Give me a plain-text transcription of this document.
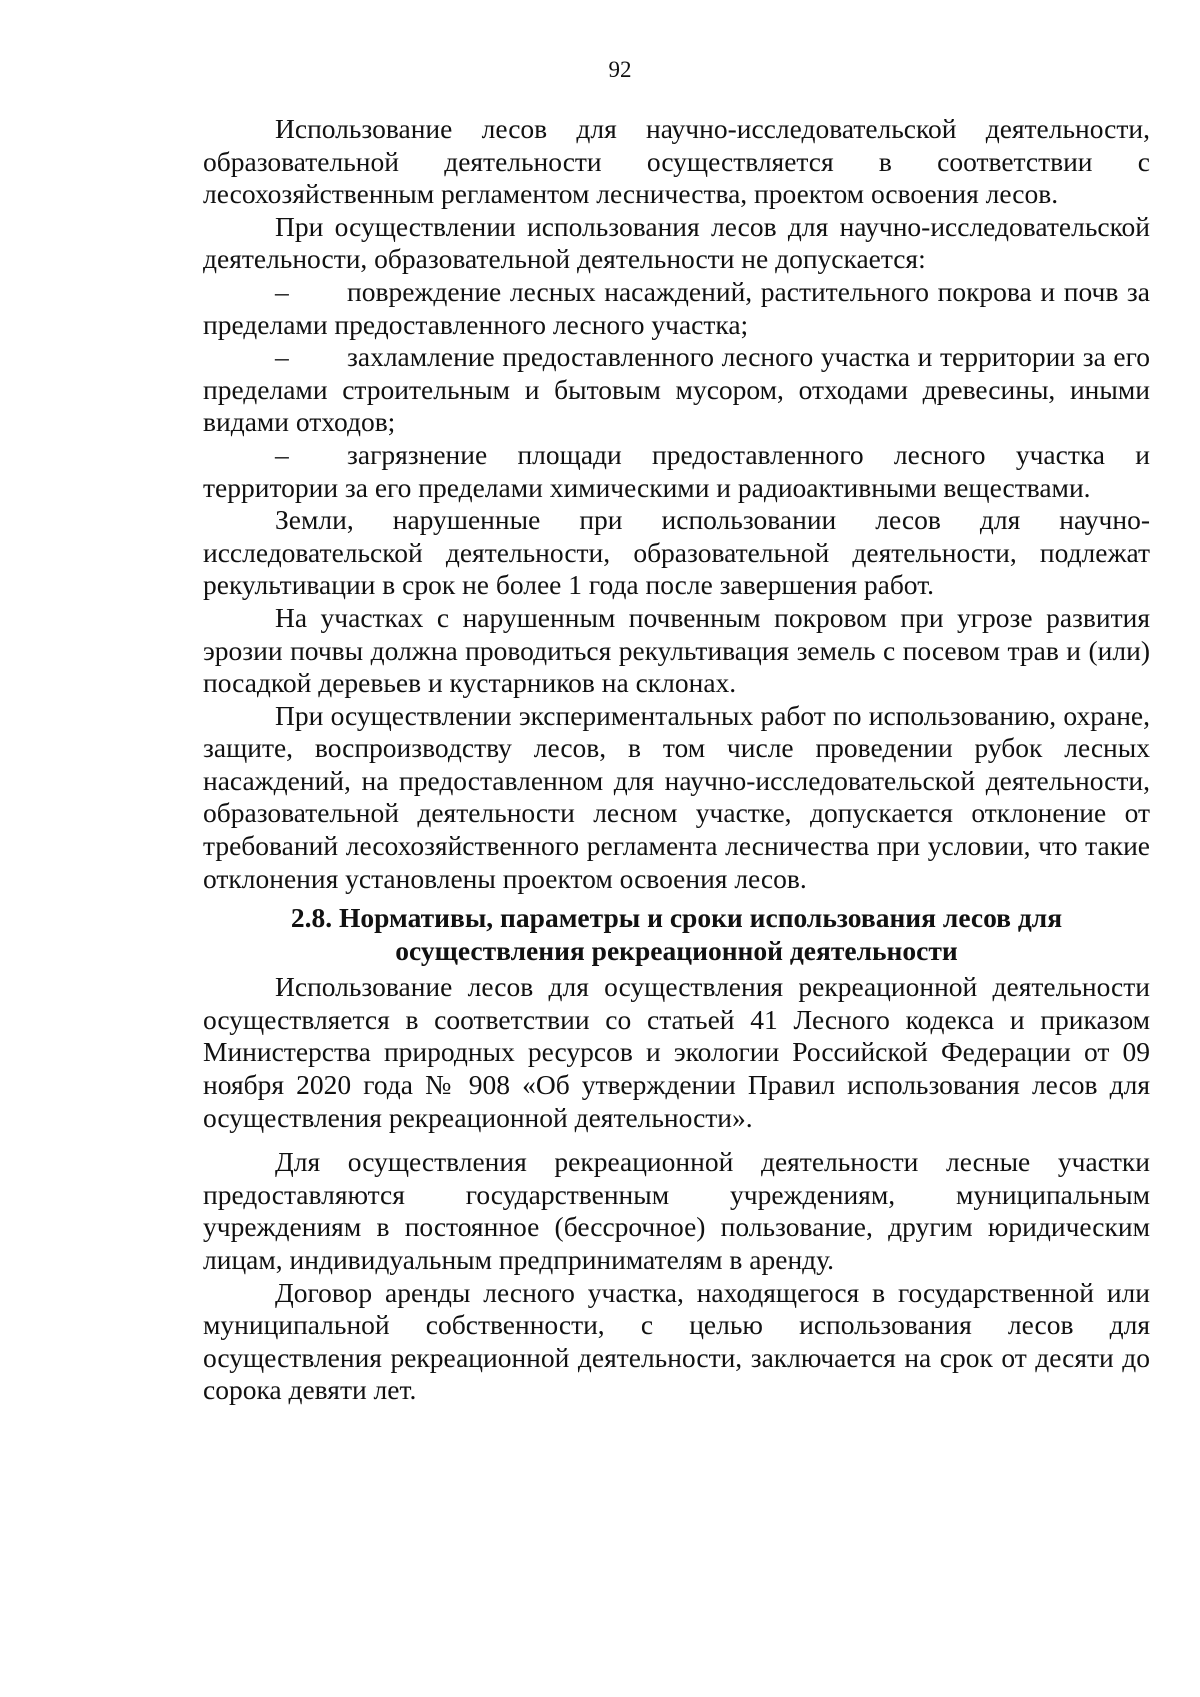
92

Использование лесов для научно-исследовательской деятельности, образовательной деятельности осуществляется в соответствии с лесохозяйственным регламентом лесничества, проектом освоения лесов.

При осуществлении использования лесов для научно-исследовательской деятельности, образовательной деятельности не допускается:

– повреждение лесных насаждений, растительного покрова и почв за пределами предоставленного лесного участка;

– захламление предоставленного лесного участка и территории за его пределами строительным и бытовым мусором, отходами древесины, иными видами отходов;

– загрязнение площади предоставленного лесного участка и территории за его пределами химическими и радиоактивными веществами.

Земли, нарушенные при использовании лесов для научно-исследовательской деятельности, образовательной деятельности, подлежат рекультивации в срок не более 1 года после завершения работ.

На участках с нарушенным почвенным покровом при угрозе развития эрозии почвы должна проводиться рекультивация земель с посевом трав и (или) посадкой деревьев и кустарников на склонах.

При осуществлении экспериментальных работ по использованию, охране, защите, воспроизводству лесов, в том числе проведении рубок лесных насаждений, на предоставленном для научно-исследовательской деятельности, образовательной деятельности лесном участке, допускается отклонение от требований лесохозяйственного регламента лесничества при условии, что такие отклонения установлены проектом освоения лесов.

2.8. Нормативы, параметры и сроки использования лесов для
осуществления рекреационной деятельности

Использование лесов для осуществления рекреационной деятельности осуществляется в соответствии со статьей 41 Лесного кодекса и приказом Министерства природных ресурсов и экологии Российской Федерации от 09 ноября 2020 года № 908 «Об утверждении Правил использования лесов для осуществления рекреационной деятельности».

Для осуществления рекреационной деятельности лесные участки предоставляются государственным учреждениям, муниципальным учреждениям в постоянное (бессрочное) пользование, другим юридическим лицам, индивидуальным предпринимателям в аренду.

Договор аренды лесного участка, находящегося в государственной или муниципальной собственности, с целью использования лесов для осуществления рекреационной деятельности, заключается на срок от десяти до сорока девяти лет.
